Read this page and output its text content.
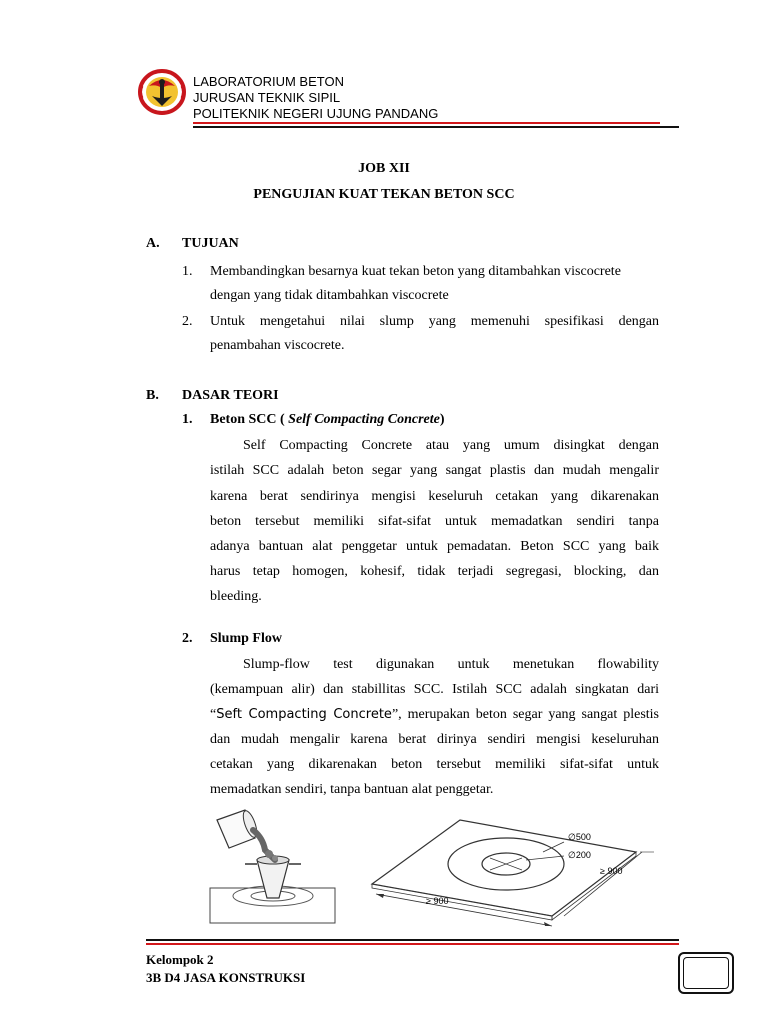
LABORATORIUM BETON
JURUSAN TEKNIK SIPIL
POLITEKNIK NEGERI UJUNG PANDANG
JOB XII
PENGUJIAN KUAT TEKAN BETON SCC
A. TUJUAN
1. Membandingkan besarnya kuat tekan beton yang ditambahkan viscocrete
dengan yang tidak ditambahkan viscocrete
2. Untuk mengetahui nilai slump yang memenuhi spesifikasi dengan
penambahan viscocrete.
B. DASAR TEORI
1. Beton SCC ( Self Compacting Concrete)
Self Compacting Concrete atau yang umum disingkat dengan
istilah SCC adalah beton segar yang sangat plastis dan mudah mengalir
karena berat sendirinya mengisi keseluruh cetakan yang dikarenakan
beton tersebut memiliki sifat-sifat untuk memadatkan sendiri tanpa
adanya bantuan alat penggetar untuk pemadatan. Beton SCC yang baik
harus tetap homogen, kohesif, tidak terjadi segregasi, blocking, dan
bleeding.
2. Slump Flow
Slump-flow test digunakan untuk menetukan flowability
(kemampuan alir) dan stabillitas SCC. Istilah SCC adalah singkatan dari
“Seft Compacting Concrete”, merupakan beton segar yang sangat plestis
dan mudah mengalir karena berat dirinya sendiri mengisi keseluruhan
cetakan yang dikarenakan beton tersebut memiliki sifat-sifat untuk
memadatkan sendiri, tanpa bantuan alat penggetar.
∅500
∅200
≥ 900
≥ 900
Kelompok 2
3B D4 JASA KONSTRUKSI
